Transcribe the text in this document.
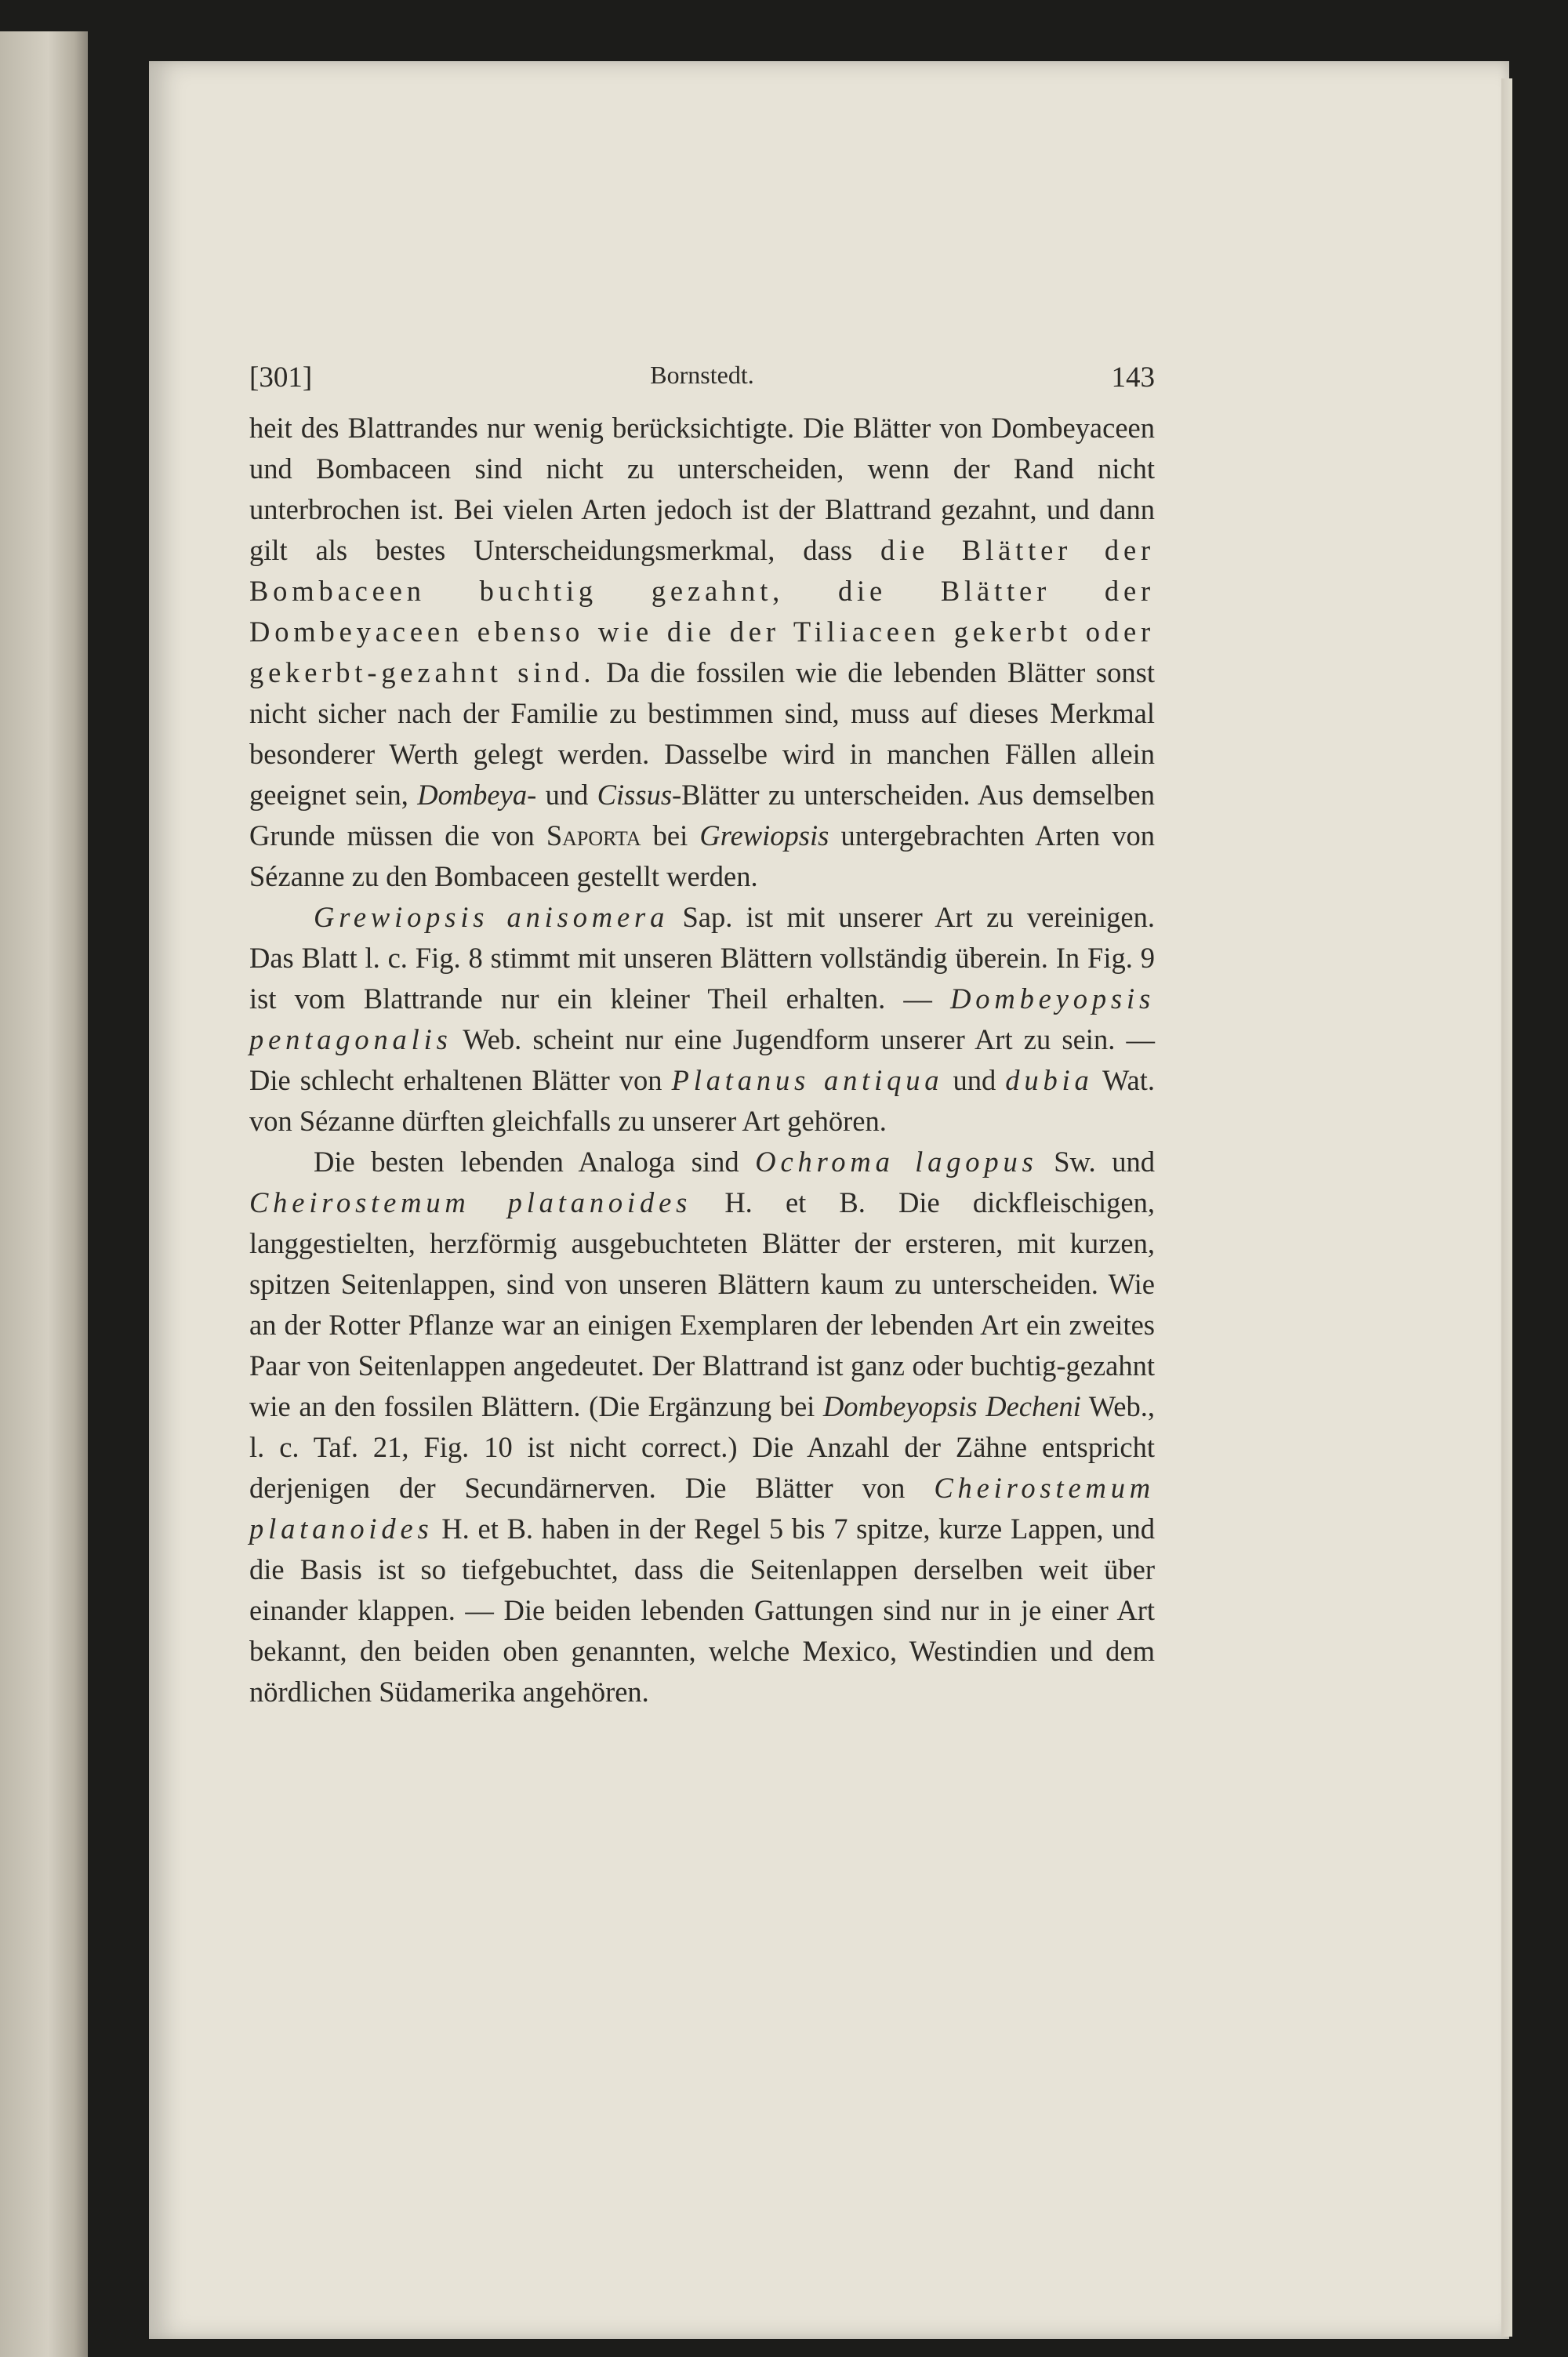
[301]	Bornstedt.	143

heit des Blattrandes nur wenig berücksichtigte. Die Blätter von Dombeyaceen und Bombaceen sind nicht zu unterscheiden, wenn der Rand nicht unterbrochen ist. Bei vielen Arten jedoch ist der Blattrand gezahnt, und dann gilt als bestes Unterscheidungsmerkmal, dass die Blätter der Bombaceen buchtig gezahnt, die Blätter der Dombeyaceen ebenso wie die der Tiliaceen gekerbt oder gekerbt-gezahnt sind. Da die fossilen wie die lebenden Blätter sonst nicht sicher nach der Familie zu bestimmen sind, muss auf dieses Merkmal besonderer Werth gelegt werden. Dasselbe wird in manchen Fällen allein geeignet sein, Dombeya- und Cissus-Blätter zu unterscheiden. Aus demselben Grunde müssen die von Saporta bei Grewiopsis untergebrachten Arten von Sézanne zu den Bombaceen gestellt werden.

Grewiopsis anisomera Sap. ist mit unserer Art zu vereinigen. Das Blatt l. c. Fig. 8 stimmt mit unseren Blättern vollständig überein. In Fig. 9 ist vom Blattrande nur ein kleiner Theil erhalten. — Dombeyopsis pentagonalis Web. scheint nur eine Jugendform unserer Art zu sein. — Die schlecht erhaltenen Blätter von Platanus antiqua und dubia Wat. von Sézanne dürften gleichfalls zu unserer Art gehören.

Die besten lebenden Analoga sind Ochroma lagopus Sw. und Cheirostemum platanoides H. et B. Die dickfleischigen, langgestielten, herzförmig ausgebuchteten Blätter der ersteren, mit kurzen, spitzen Seitenlappen, sind von unseren Blättern kaum zu unterscheiden. Wie an der Rotter Pflanze war an einigen Exemplaren der lebenden Art ein zweites Paar von Seitenlappen angedeutet. Der Blattrand ist ganz oder buchtig-gezahnt wie an den fossilen Blättern. (Die Ergänzung bei Dombeyopsis Decheni Web., l. c. Taf. 21, Fig. 10 ist nicht correct.) Die Anzahl der Zähne entspricht derjenigen der Secundärnerven. Die Blätter von Cheirostemum platanoides H. et B. haben in der Regel 5 bis 7 spitze, kurze Lappen, und die Basis ist so tiefgebuchtet, dass die Seitenlappen derselben weit über einander klappen. — Die beiden lebenden Gattungen sind nur in je einer Art bekannt, den beiden oben genannten, welche Mexico, Westindien und dem nördlichen Südamerika angehören.
